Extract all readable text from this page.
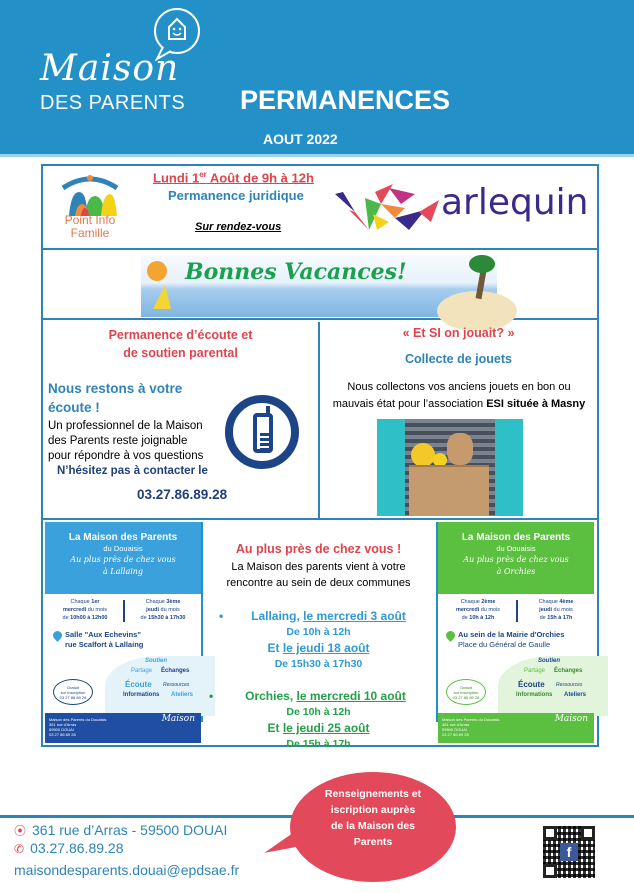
Maison
DES PARENTS PERMANENCES
AOUT 2022
Point Info
Famille
Lundi 1er Août de 9h à 12h
Permanence juridique
Sur rendez-vous
arlequin
Bonnes Vacances!
Permanence d’écoute et
de soutien parental
Nous restons à votre
écoute !
Un professionnel de la Maison
des Parents reste joignable
pour répondre à vos questions
N’hésitez pas à contacter le
03.27.86.89.28
« Et SI on jouait? »
Collecte de jouets
Nous collectons vos anciens jouets en bon ou
mauvais état pour l’association ESI située à Masny
La Maison des Parents
du Douaisis
Au plus près de chez vous
à Lallaing
Chaque 1er
mercredi du mois
de 10h00 à 12h00
Chaque 3ème
jeudi du mois
de 15h30 à 17h30
Salle "Aux Echevins"
rue Scalfort à Lallaing
Soutien
Partage Échanges
Écoute Ressources
Informations Ateliers
Gratuit
sur inscription
03 27 86 89 28
Maison des Parents du Douaisis
361 rue d'Arras
59500 DOUAI
03 27 86 89 28
Maison
Au plus près de chez vous !
La Maison des parents vient à votre
rencontre au sein de deux communes
• Lallaing, le mercredi 3 août
De 10h à 12h
Et le jeudi 18 août
De 15h30 à 17h30
•	Orchies, le mercredi 10 août
De 10h à 12h
Et le jeudi 25 août
De 15h à 17h
La Maison des Parents
du Douaisis
Au plus près de chez vous
à Orchies
Chaque 2ème
mercredi du mois
de 10h à 12h
Chaque 4ème
jeudi du mois
de 15h à 17h
Au sein de la Mairie d'Orchies
Place du Général de Gaulle
Soutien
Partage Échanges
Écoute Ressources
Informations Ateliers
Gratuit
sur inscription
03 27 86 89 28
Maison des Parents du Douaisis
361 rue d'Arras
59500 DOUAI
03 27 86 89 28
Maison
Renseignements et
iscription auprès
de la Maison des
Parents
⦿ 361 rue d’Arras - 59500 DOUAI
✆ 03.27.86.89.28
maisondesparents.douai@epdsae.fr
f
